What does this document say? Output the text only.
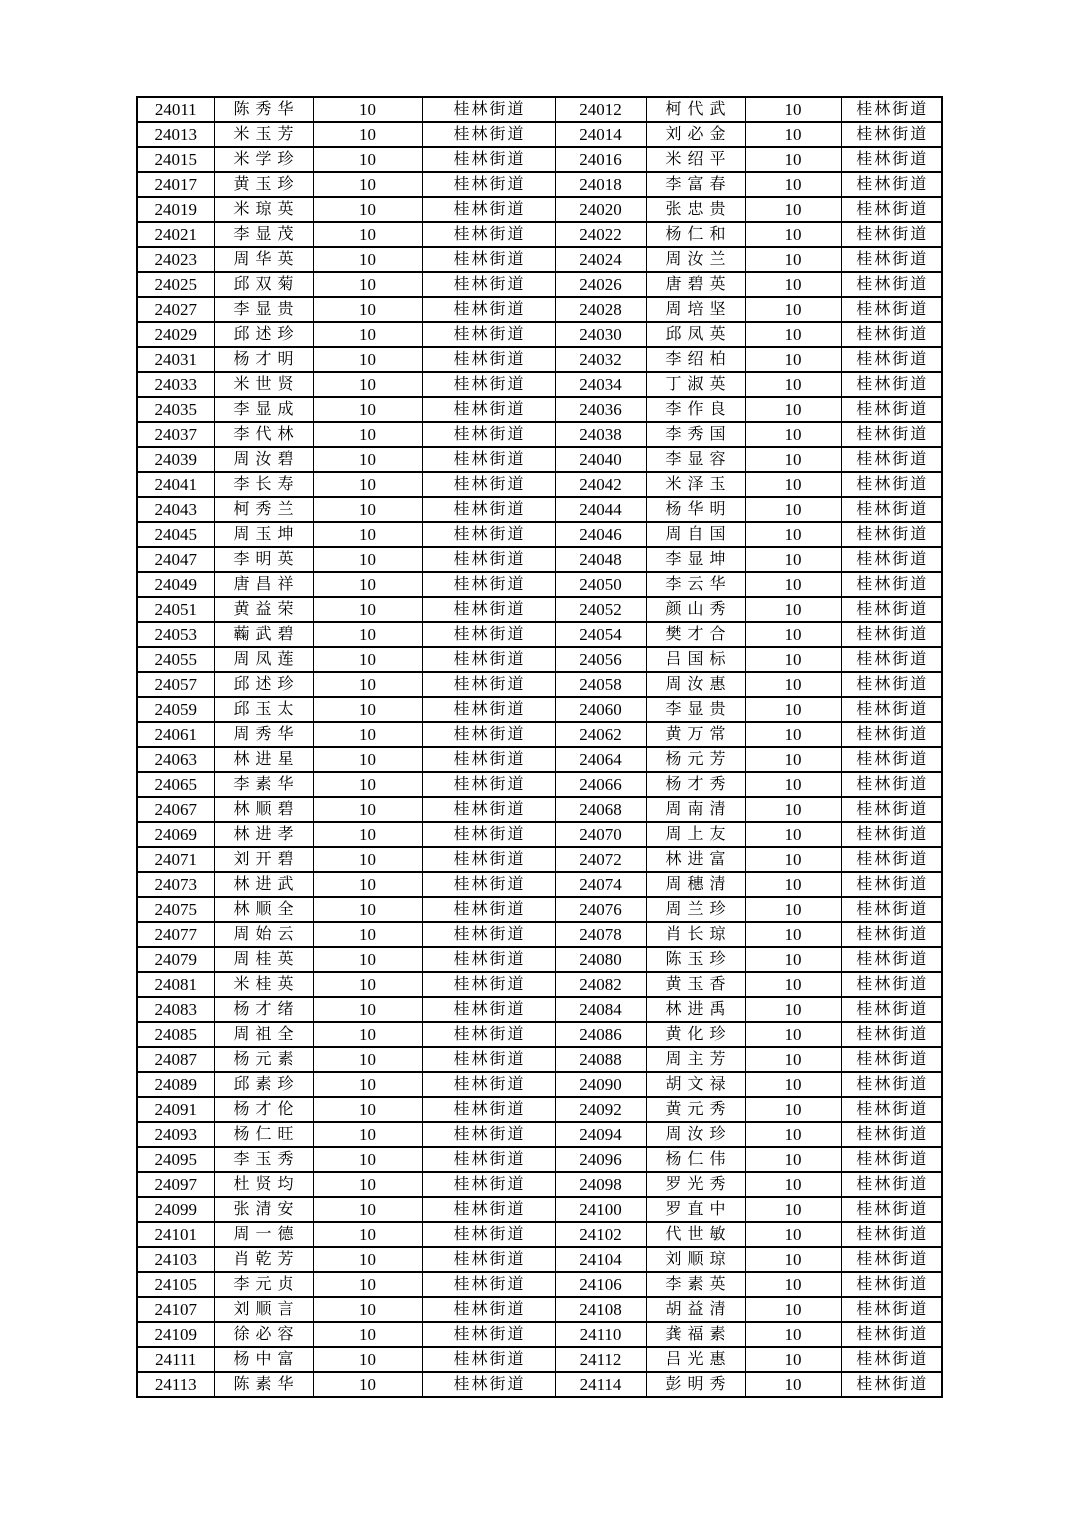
24011	陈秀华	10	桂林街道	24012	柯代武	10	桂林街道
24013	米玉芳	10	桂林街道	24014	刘必金	10	桂林街道
24015	米学珍	10	桂林街道	24016	米绍平	10	桂林街道
24017	黄玉珍	10	桂林街道	24018	李富春	10	桂林街道
24019	米琼英	10	桂林街道	24020	张忠贵	10	桂林街道
24021	李显茂	10	桂林街道	24022	杨仁和	10	桂林街道
24023	周华英	10	桂林街道	24024	周汝兰	10	桂林街道
24025	邱双菊	10	桂林街道	24026	唐碧英	10	桂林街道
24027	李显贵	10	桂林街道	24028	周培坚	10	桂林街道
24029	邱述珍	10	桂林街道	24030	邱凤英	10	桂林街道
24031	杨才明	10	桂林街道	24032	李绍柏	10	桂林街道
24033	米世贤	10	桂林街道	24034	丁淑英	10	桂林街道
24035	李显成	10	桂林街道	24036	李作良	10	桂林街道
24037	李代林	10	桂林街道	24038	李秀国	10	桂林街道
24039	周汝碧	10	桂林街道	24040	李显容	10	桂林街道
24041	李长寿	10	桂林街道	24042	米泽玉	10	桂林街道
24043	柯秀兰	10	桂林街道	24044	杨华明	10	桂林街道
24045	周玉坤	10	桂林街道	24046	周自国	10	桂林街道
24047	李明英	10	桂林街道	24048	李显坤	10	桂林街道
24049	唐昌祥	10	桂林街道	24050	李云华	10	桂林街道
24051	黄益荣	10	桂林街道	24052	颜山秀	10	桂林街道
24053	蘜武碧	10	桂林街道	24054	樊才合	10	桂林街道
24055	周凤莲	10	桂林街道	24056	吕国标	10	桂林街道
24057	邱述珍	10	桂林街道	24058	周汝惠	10	桂林街道
24059	邱玉太	10	桂林街道	24060	李显贵	10	桂林街道
24061	周秀华	10	桂林街道	24062	黄万常	10	桂林街道
24063	林进星	10	桂林街道	24064	杨元芳	10	桂林街道
24065	李素华	10	桂林街道	24066	杨才秀	10	桂林街道
24067	林顺碧	10	桂林街道	24068	周南清	10	桂林街道
24069	林进孝	10	桂林街道	24070	周上友	10	桂林街道
24071	刘开碧	10	桂林街道	24072	林进富	10	桂林街道
24073	林进武	10	桂林街道	24074	周穗清	10	桂林街道
24075	林顺全	10	桂林街道	24076	周兰珍	10	桂林街道
24077	周始云	10	桂林街道	24078	肖长琼	10	桂林街道
24079	周桂英	10	桂林街道	24080	陈玉珍	10	桂林街道
24081	米桂英	10	桂林街道	24082	黄玉香	10	桂林街道
24083	杨才绪	10	桂林街道	24084	林进禹	10	桂林街道
24085	周祖全	10	桂林街道	24086	黄化珍	10	桂林街道
24087	杨元素	10	桂林街道	24088	周主芳	10	桂林街道
24089	邱素珍	10	桂林街道	24090	胡文禄	10	桂林街道
24091	杨才伦	10	桂林街道	24092	黄元秀	10	桂林街道
24093	杨仁旺	10	桂林街道	24094	周汝珍	10	桂林街道
24095	李玉秀	10	桂林街道	24096	杨仁伟	10	桂林街道
24097	杜贤均	10	桂林街道	24098	罗光秀	10	桂林街道
24099	张清安	10	桂林街道	24100	罗直中	10	桂林街道
24101	周一德	10	桂林街道	24102	代世敏	10	桂林街道
24103	肖乾芳	10	桂林街道	24104	刘顺琼	10	桂林街道
24105	李元贞	10	桂林街道	24106	李素英	10	桂林街道
24107	刘顺言	10	桂林街道	24108	胡益清	10	桂林街道
24109	徐必容	10	桂林街道	24110	龚福素	10	桂林街道
24111	杨中富	10	桂林街道	24112	吕光惠	10	桂林街道
24113	陈素华	10	桂林街道	24114	彭明秀	10	桂林街道
